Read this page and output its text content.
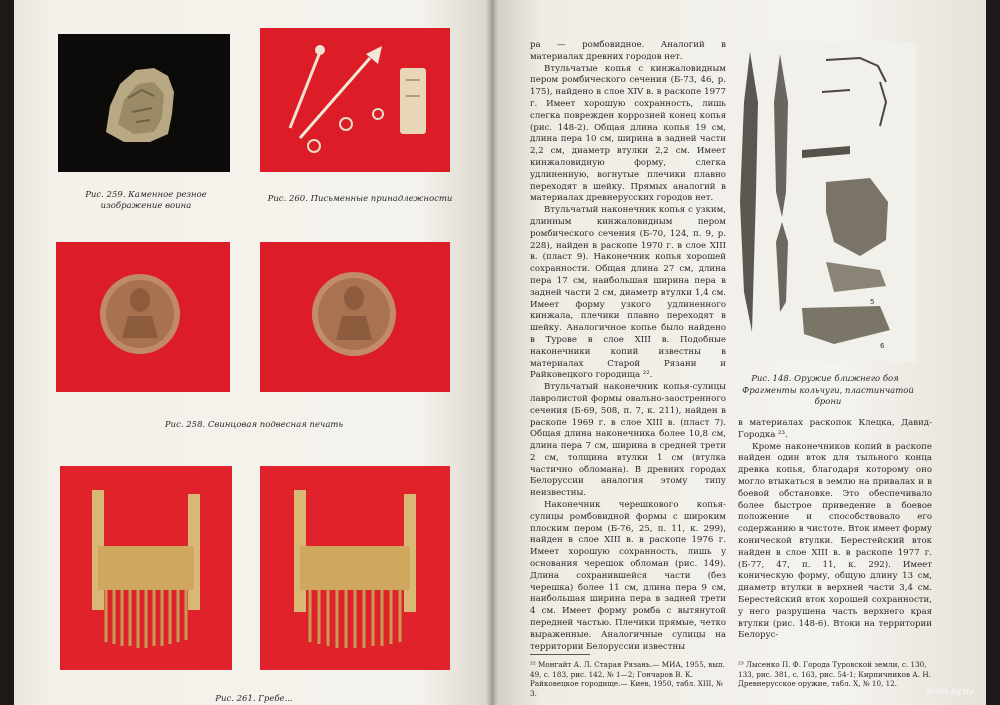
Рис. 259. Каменное резное изображение воина
Рис. 260. Письменные принадлежности
Рис. 258. Свинцовая подвесная печать
Рис. 261. Гребе...

ра — ромбовидное. Аналогий в материалах древних городов нет.

Втульчатые копья с кинжаловидным пером ромбического сечения (Б-73, 46, р. 175), найдено в слое XIV в. в раскопе 1977 г. Имеет хорошую сохранность, лишь слегка поврежден коррозией конец копья (рис. 148-2). Общая длина копья 19 см, длина пера 10 см, ширина в задней части 2,2 см, диаметр втулки 2,2 см. Имеет кинжаловидную форму, слегка удлиненную, вогнутые плечики плавно переходят в шейку. Прямых аналогий в материалах древнерусских городов нет.

Втульчатый наконечник копья с узким, длинным кинжаловидным пером ромбического сечения (Б-70, 124, п. 9, р. 228), найден в раскопе 1970 г. в слое XIII в. (пласт 9). Наконечник копья хорошей сохранности. Общая длина 27 см, длина пера 17 см, наибольшая ширина пера в задней части 2 см, диаметр втулки 1,4 см. Имеет форму узкого удлиненного кинжала, плечики плавно переходят в шейку. Аналогичное копье было найдено в Турове в слое XIII в. Подобные наконечники копий известны в материалах Старой Рязани и Райковецкого городища ²².

Втульчатый наконечник копья-сулицы лавролистой формы овально-заостренного сечения (Б-69, 508, п. 7, к. 211), найден в раскопе 1969 г. в слое XIII в. (пласт 7). Общая длина наконечника более 10,8 см, длина пера 7 см, ширина в средней трети 2 см, толщина втулки 1 см (втулка частично обломана). В древних городах Белоруссии аналогия этому типу неизвестны.

Наконечник черешкового копья-сулицы ромбовидной формы с широким плоским пером (Б-76, 25, п. 11, к. 299), найден в слое XIII в. в раскопе 1976 г. Имеет хорошую сохранность, лишь у основания черешок обломан (рис. 149). Длина сохранившейся части (без черешка) более 11 см, длина пера 9 см, наибольшая ширина пера в задней трети 4 см. Имеет форму ромба с вытянутой передней частью. Плечики прямые, четко выраженные. Аналогичные сулицы на территории Белоруссии известны

5
6
Рис. 148. Оружие ближнего боя
Фрагменты кольчуги, пластинчатой брони

в материалах раскопок Клецка, Давид-Городка ²³.

Кроме наконечников копий в раскопе найден один вток для тыльного конца древка копья, благодаря которому оно могло втыкаться в землю на привалах и в боевой обстановке. Это обеспечивало более быстрое приведение в боевое положение и способствовало его содержанию в чистоте. Вток имеет форму конической втулки. Берестейский вток найден в слое XIII в. в раскопе 1977 г. (Б-77, 47, п. 11, к. 292). Имеет коническую форму, общую длину 13 см, диаметр втулки в верхней части 3,4 см. Берестейский вток хорошей сохранности, у него разрушена часть верхнего края втулки (рис. 148-6). Втоки на территории Белорус-

²² Монгайт А. Л. Старая Рязань.— МИА, 1955, вып. 49, с. 183, рис. 142, № 1—2; Гончаров В. К. Райковецкое городище.— Киев, 1950, табл. XIII, № 3.
²³ Лысенко П. Ф. Города Туровской земли, с. 130, 133, рис. 381, с. 163, рис. 54-1; Кирпичников А. Н. Древнерусское оружие, табл. X, № 10, 12.
www.ay.by
